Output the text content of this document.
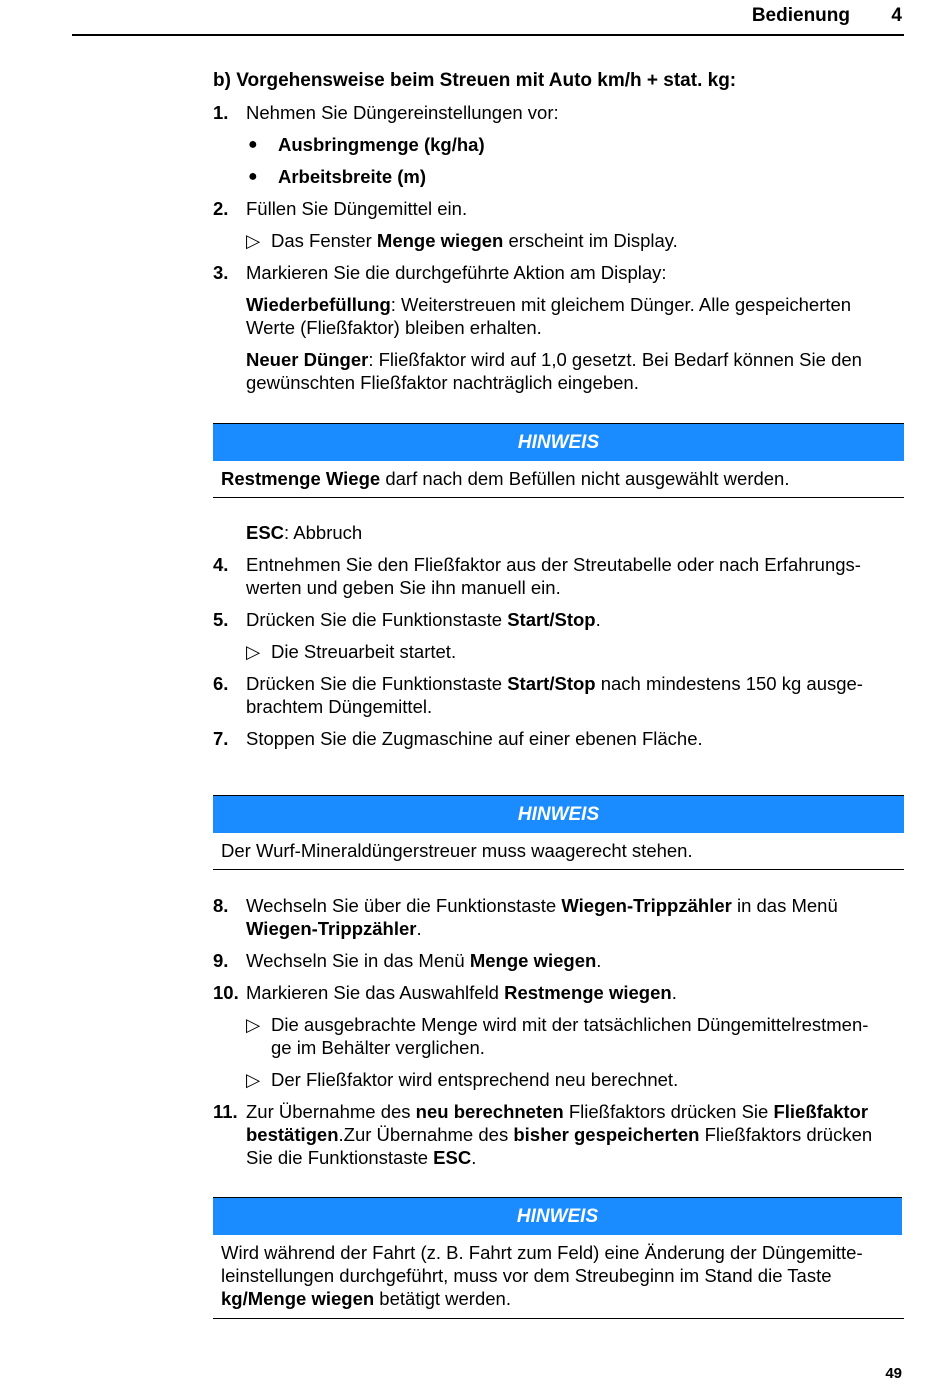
Bedienung 4
b) Vorgehensweise beim Streuen mit Auto km/h + stat. kg:
1. Nehmen Sie Düngereinstellungen vor:
● Ausbringmenge (kg/ha)
● Arbeitsbreite (m)
2. Füllen Sie Düngemittel ein.
▷ Das Fenster Menge wiegen erscheint im Display.
3. Markieren Sie die durchgeführte Aktion am Display:
Wiederbefüllung: Weiterstreuen mit gleichem Dünger. Alle gespeicherten
Werte (Fließfaktor) bleiben erhalten.
Neuer Dünger: Fließfaktor wird auf 1,0 gesetzt. Bei Bedarf können Sie den
gewünschten Fließfaktor nachträglich eingeben.
HINWEIS
Restmenge Wiege darf nach dem Befüllen nicht ausgewählt werden.
ESC: Abbruch
4. Entnehmen Sie den Fließfaktor aus der Streutabelle oder nach Erfahrungs-
werten und geben Sie ihn manuell ein.
5. Drücken Sie die Funktionstaste Start/Stop.
▷ Die Streuarbeit startet.
6. Drücken Sie die Funktionstaste Start/Stop nach mindestens 150 kg ausge-
brachtem Düngemittel.
7. Stoppen Sie die Zugmaschine auf einer ebenen Fläche.
HINWEIS
Der Wurf-Mineraldüngerstreuer muss waagerecht stehen.
8. Wechseln Sie über die Funktionstaste Wiegen-Trippzähler in das Menü
Wiegen-Trippzähler.
9. Wechseln Sie in das Menü Menge wiegen.
10. Markieren Sie das Auswahlfeld Restmenge wiegen.
▷ Die ausgebrachte Menge wird mit der tatsächlichen Düngemittelrestmen-
ge im Behälter verglichen.
▷ Der Fließfaktor wird entsprechend neu berechnet.
11. Zur Übernahme des neu berechneten Fließfaktors drücken Sie Fließfaktor
bestätigen.Zur Übernahme des bisher gespeicherten Fließfaktors drücken
Sie die Funktionstaste ESC.
HINWEIS
Wird während der Fahrt (z. B. Fahrt zum Feld) eine Änderung der Düngemitte-
leinstellungen durchgeführt, muss vor dem Streubeginn im Stand die Taste
kg/Menge wiegen betätigt werden.
49
